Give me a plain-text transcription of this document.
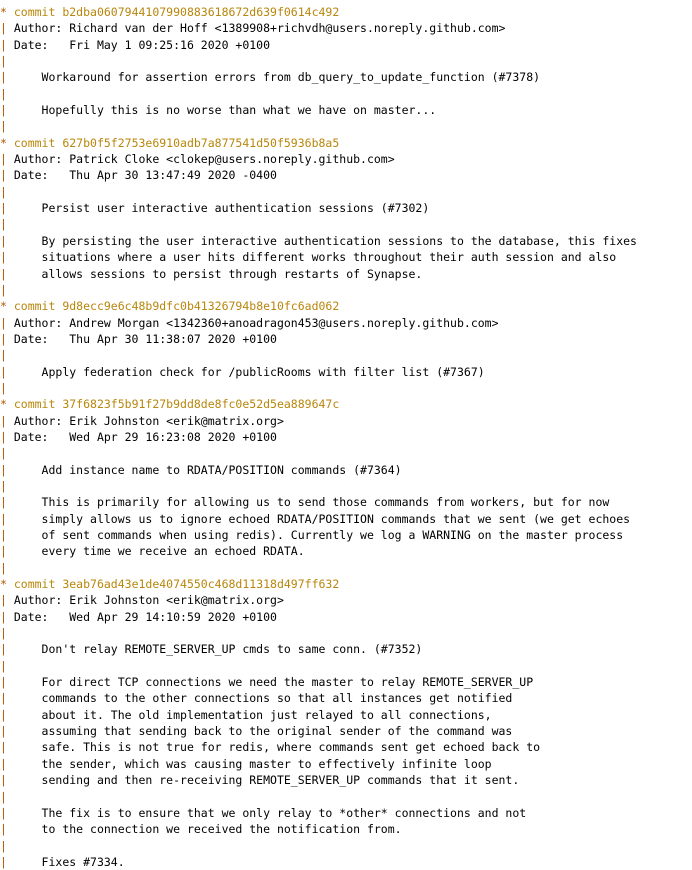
* commit b2dba0607944107990883618672d639f0614c492
| Author: Richard van der Hoff <1389908+richvdh@users.noreply.github.com>
| Date:   Fri May 1 09:25:16 2020 +0100
|
|     Workaround for assertion errors from db_query_to_update_function (#7378)
|
|     Hopefully this is no worse than what we have on master...
|
* commit 627b0f5f2753e6910adb7a877541d50f5936b8a5
| Author: Patrick Cloke <clokep@users.noreply.github.com>
| Date:   Thu Apr 30 13:47:49 2020 -0400
|
|     Persist user interactive authentication sessions (#7302)
|
|     By persisting the user interactive authentication sessions to the database, this fixes
|     situations where a user hits different works throughout their auth session and also
|     allows sessions to persist through restarts of Synapse.
|
* commit 9d8ecc9e6c48b9dfc0b41326794b8e10fc6ad062
| Author: Andrew Morgan <1342360+anoadragon453@users.noreply.github.com>
| Date:   Thu Apr 30 11:38:07 2020 +0100
|
|     Apply federation check for /publicRooms with filter list (#7367)
|
* commit 37f6823f5b91f27b9dd8de8fc0e52d5ea889647c
| Author: Erik Johnston <erik@matrix.org>
| Date:   Wed Apr 29 16:23:08 2020 +0100
|
|     Add instance name to RDATA/POSITION commands (#7364)
|
|     This is primarily for allowing us to send those commands from workers, but for now
|     simply allows us to ignore echoed RDATA/POSITION commands that we sent (we get echoes
|     of sent commands when using redis). Currently we log a WARNING on the master process
|     every time we receive an echoed RDATA.
|
* commit 3eab76ad43e1de4074550c468d11318d497ff632
| Author: Erik Johnston <erik@matrix.org>
| Date:   Wed Apr 29 14:10:59 2020 +0100
|
|     Don't relay REMOTE_SERVER_UP cmds to same conn. (#7352)
|
|     For direct TCP connections we need the master to relay REMOTE_SERVER_UP
|     commands to the other connections so that all instances get notified
|     about it. The old implementation just relayed to all connections,
|     assuming that sending back to the original sender of the command was
|     safe. This is not true for redis, where commands sent get echoed back to
|     the sender, which was causing master to effectively infinite loop
|     sending and then re-receiving REMOTE_SERVER_UP commands that it sent.
|
|     The fix is to ensure that we only relay to *other* connections and not
|     to the connection we received the notification from.
|
|     Fixes #7334.
